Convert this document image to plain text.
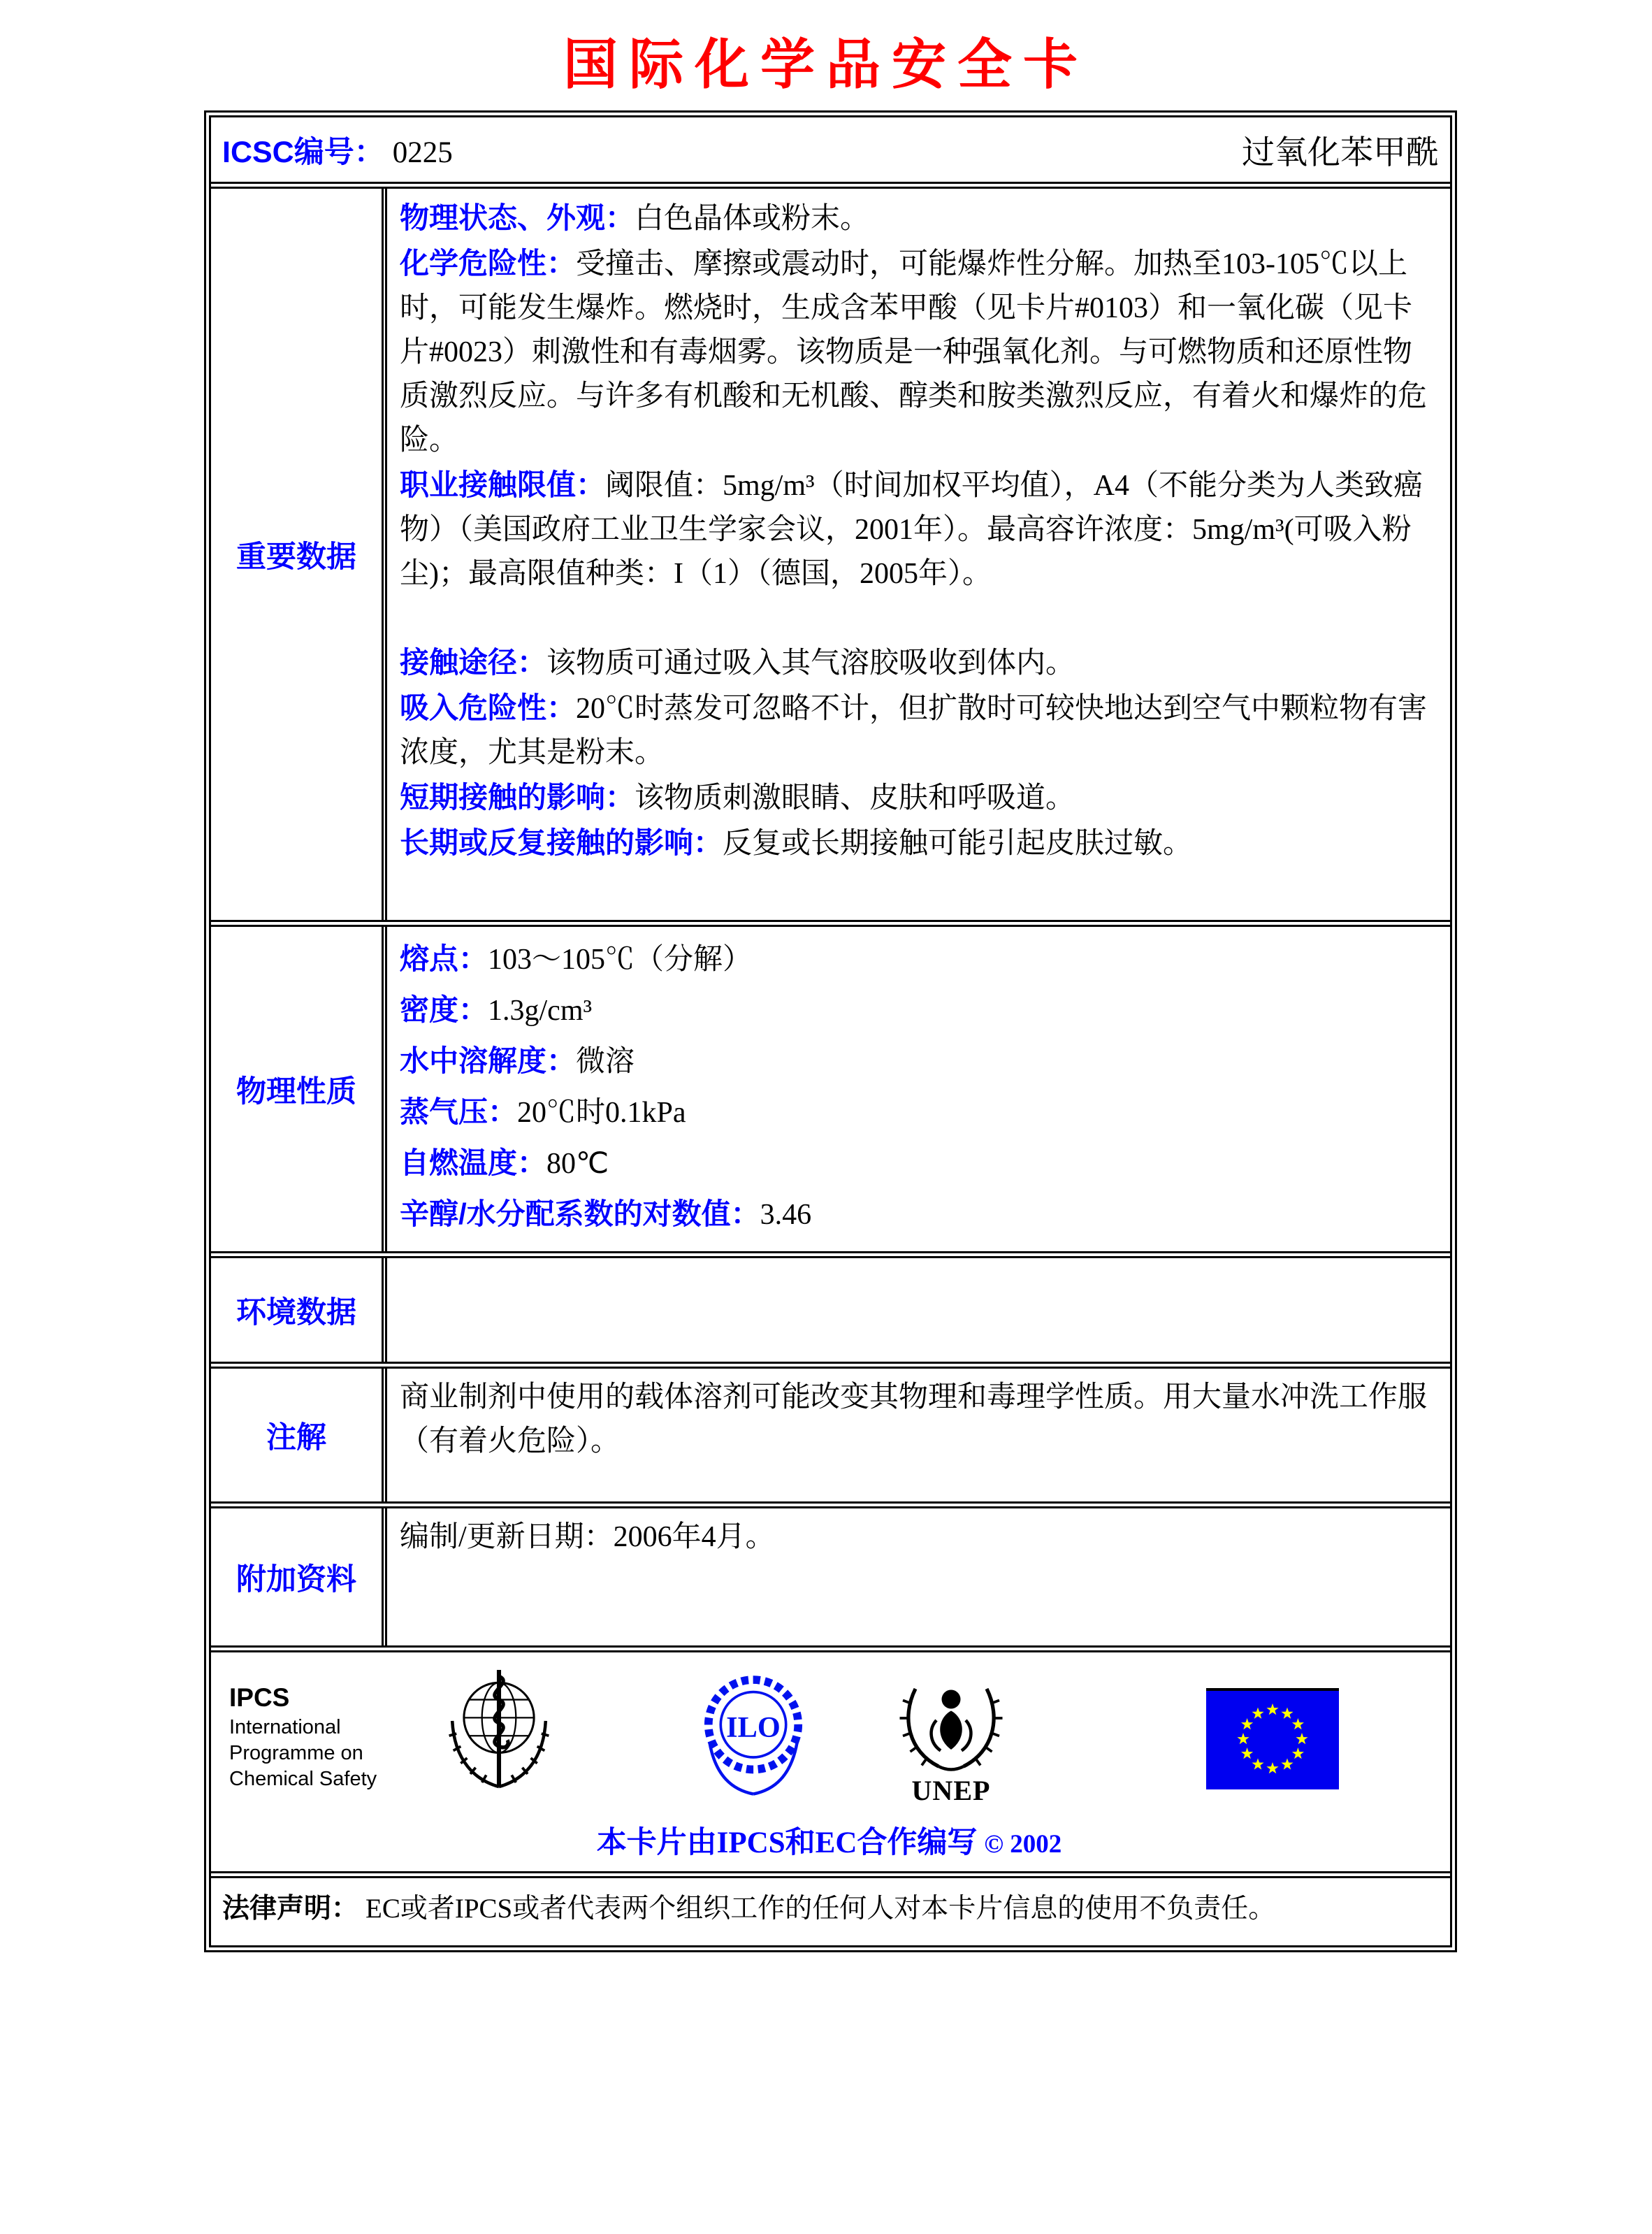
国际化学品安全卡
ICSC编号： 0225	过氧化苯甲酰
重要数据

物理状态、外观：白色晶体或粉末。

化学危险性：受撞击、摩擦或震动时，可能爆炸性分解。加热至103-105℃以上时，可能发生爆炸。燃烧时，生成含苯甲酸（见卡片#0103）和一氧化碳（见卡片#0023）刺激性和有毒烟雾。该物质是一种强氧化剂。与可燃物质和还原性物质激烈反应。与许多有机酸和无机酸、醇类和胺类激烈反应，有着火和爆炸的危险。

职业接触限值：阈限值：5mg/m³（时间加权平均值），A4（不能分类为人类致癌物）（美国政府工业卫生学家会议，2001年）。最高容许浓度：5mg/m³(可吸入粉尘)；最高限值种类：I（1）（德国，2005年）。

接触途径：该物质可通过吸入其气溶胶吸收到体内。

吸入危险性：20℃时蒸发可忽略不计，但扩散时可较快地达到空气中颗粒物有害浓度，尤其是粉末。

短期接触的影响：该物质刺激眼睛、皮肤和呼吸道。

长期或反复接触的影响：反复或长期接触可能引起皮肤过敏。

物理性质

熔点：103～105℃（分解）

密度：1.3g/cm³

水中溶解度：微溶

蒸气压：20℃时0.1kPa

自燃温度：80℃

辛醇/水分配系数的对数值：3.46

环境数据
注解
商业制剂中使用的载体溶剂可能改变其物理和毒理学性质。用大量水冲洗工作服（有着火危险）。
附加资料
编制/更新日期：2006年4月。
IPCS
International
Programme on
Chemical Safety
ILO
UNEP
本卡片由IPCS和EC合作编写 © 2002
法律声明： EC或者IPCS或者代表两个组织工作的任何人对本卡片信息的使用不负责任。
